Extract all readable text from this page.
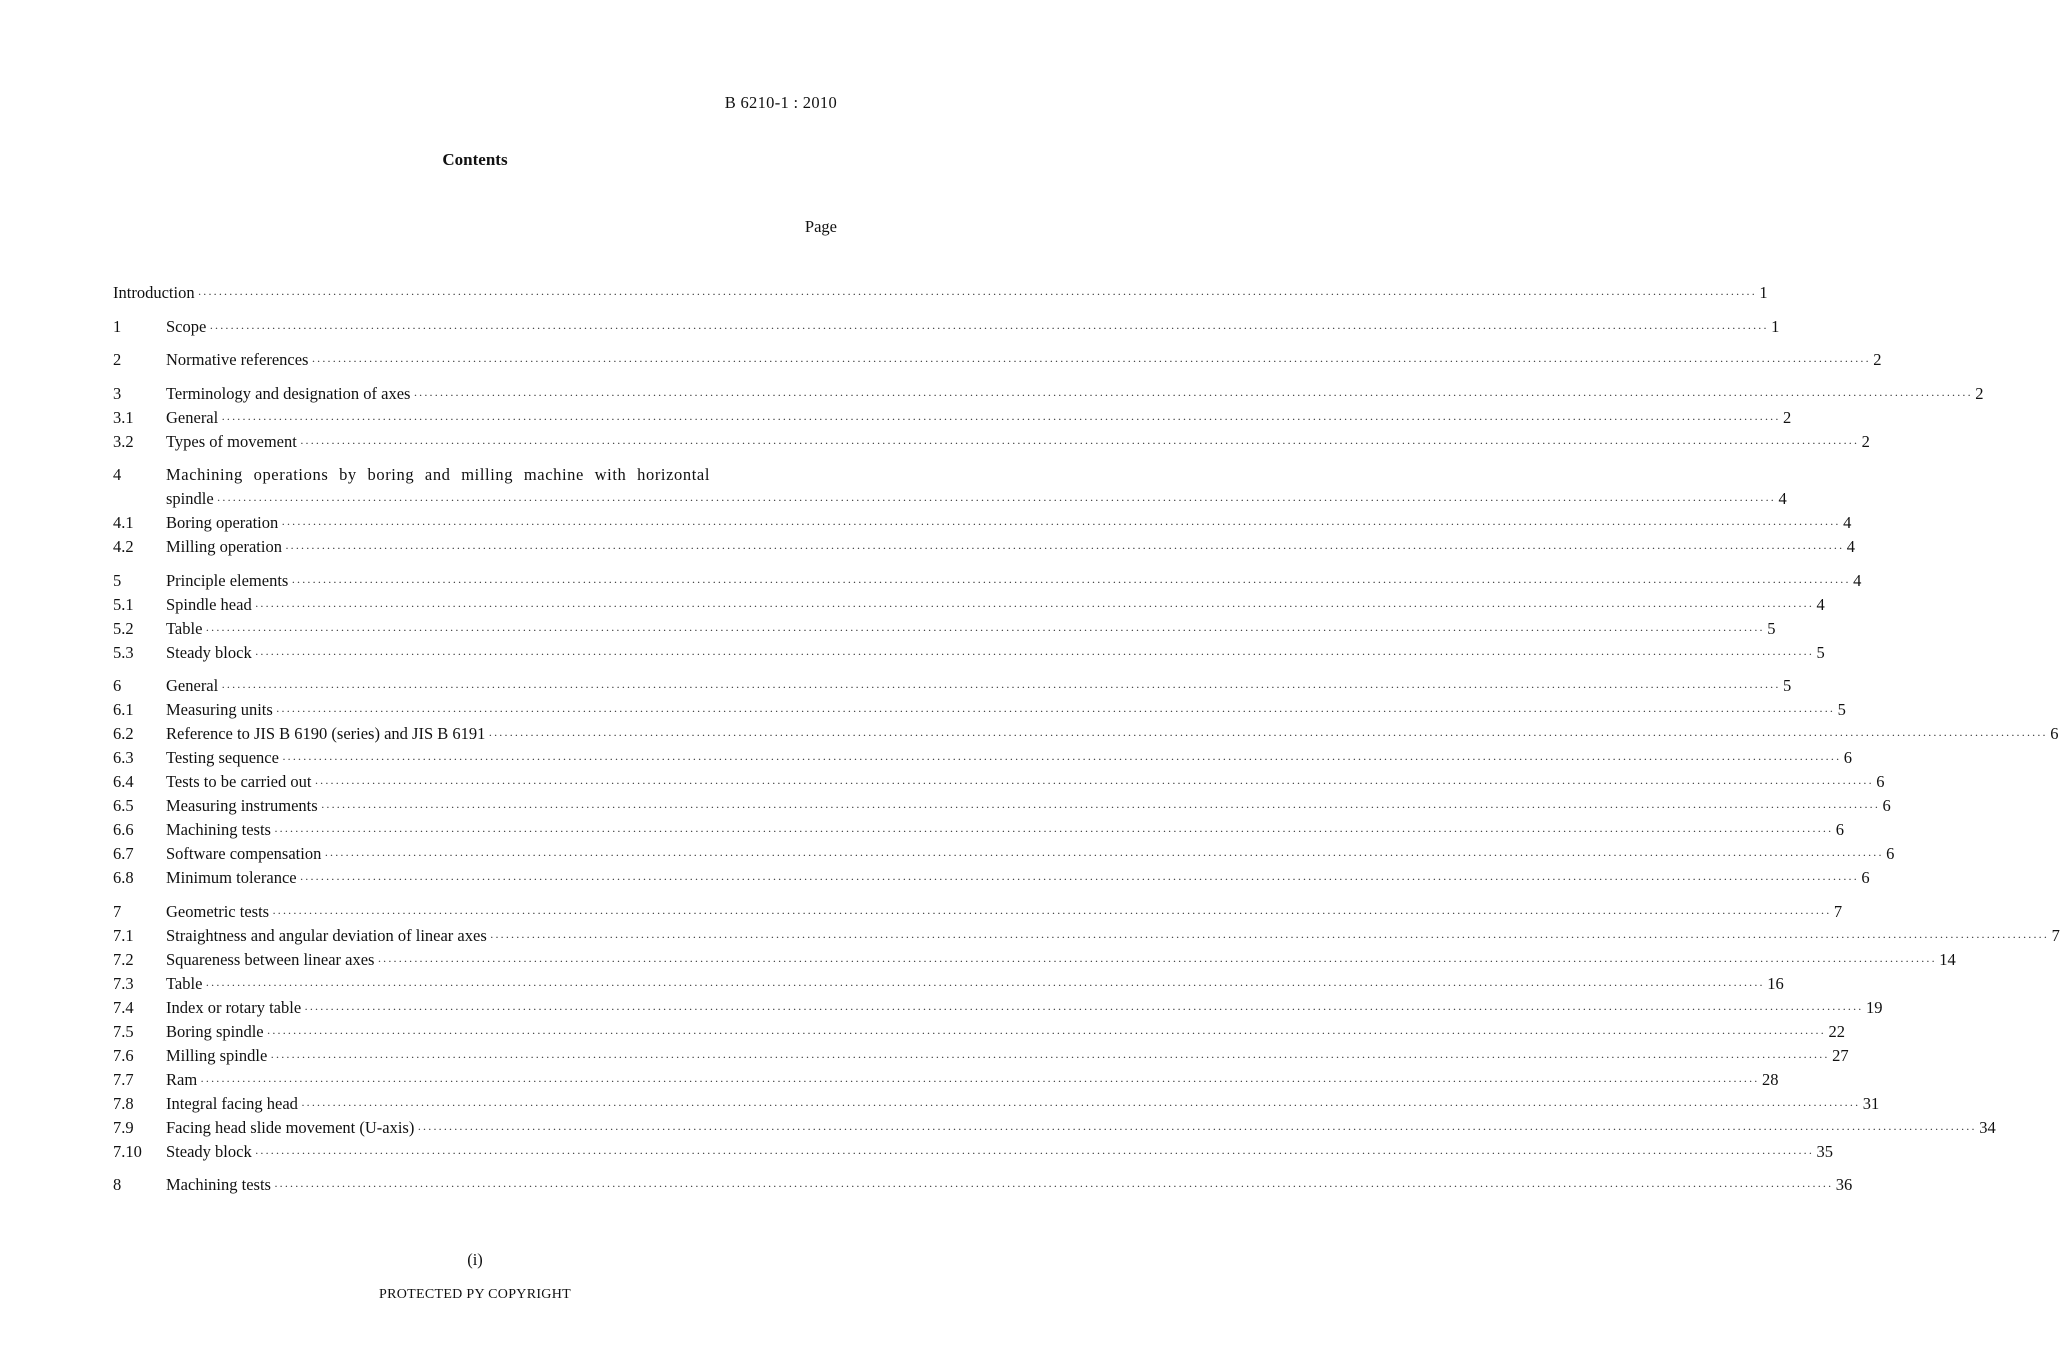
B 6210-1 : 2010
Contents
Page
Introduction ············································································································································································································································································································ 1
1	Scope ············································································································································································································································································································ 1
2	Normative references ············································································································································································································································································································ 2
3	Terminology and designation of axes ············································································································································································································································································································ 2
3.1 General ············································································································································································································································································································ 2
3.2 Types of movement ············································································································································································································································································································ 2
4	Machining operations by boring and milling machine with horizontal
spindle ············································································································································································································································································································ 4
4.1 Boring operation ············································································································································································································································································································ 4
4.2 Milling operation ············································································································································································································································································································ 4
5	Principle elements ············································································································································································································································································································ 4
5.1 Spindle head ············································································································································································································································································································ 4
5.2 Table ············································································································································································································································································································ 5
5.3 Steady block ············································································································································································································································································································ 5
6	General ············································································································································································································································································································ 5
6.1 Measuring units ············································································································································································································································································································ 5
6.2 Reference to JIS B 6190 (series) and JIS B 6191 ············································································································································································································································································································ 6
6.3 Testing sequence ············································································································································································································································································································ 6
6.4 Tests to be carried out ············································································································································································································································································································ 6
6.5 Measuring instruments ············································································································································································································································································································ 6
6.6 Machining tests ············································································································································································································································································································ 6
6.7 Software compensation ············································································································································································································································································································ 6
6.8 Minimum tolerance ············································································································································································································································································································ 6
7	Geometric tests ············································································································································································································································································································ 7
7.1 Straightness and angular deviation of linear axes ············································································································································································································································································································ 7
7.2 Squareness between linear axes ············································································································································································································································································································ 14
7.3 Table ············································································································································································································································································································ 16
7.4 Index or rotary table ············································································································································································································································································································ 19
7.5 Boring spindle ············································································································································································································································································································ 22
7.6 Milling spindle ············································································································································································································································································································ 27
7.7 Ram ············································································································································································································································································································ 28
7.8 Integral facing head ············································································································································································································································································································ 31
7.9 Facing head slide movement (U-axis) ············································································································································································································································································································ 34
7.10 Steady block ············································································································································································································································································································ 35
8	Machining tests ············································································································································································································································································································ 36
(i)
PROTECTED PY COPYRIGHT
